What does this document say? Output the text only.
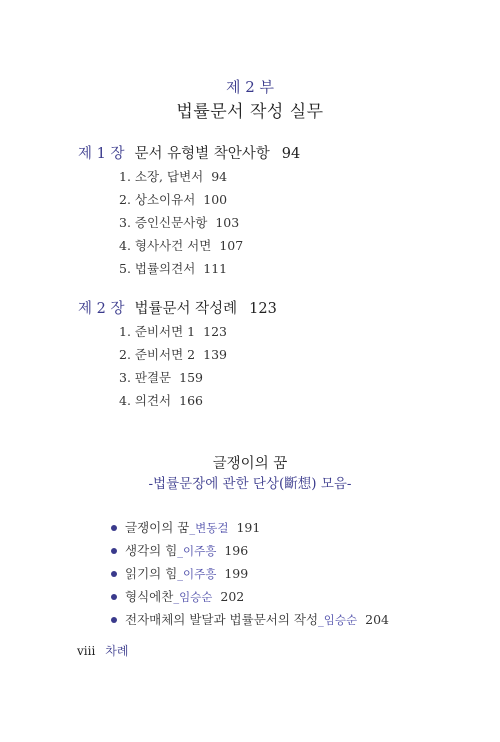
제 2 부
법률문서 작성 실무
제 1 장 문서 유형별 착안사항 94
1. 소장, 답변서 94
2. 상소이유서 100
3. 증인신문사항 103
4. 형사사건 서면 107
5. 법률의견서 111
제 2 장 법률문서 작성례 123
1. 준비서면 1 123
2. 준비서면 2 139
3. 판결문 159
4. 의견서 166
글쟁이의 꿈
-법률문장에 관한 단상(斷想) 모음-
글쟁이의 꿈_변동걸 191
생각의 힘_이주흥 196
읽기의 힘_이주흥 199
형식에찬_임승순 202
전자매체의 발달과 법률문서의 작성_임승순 204
viii 차례
